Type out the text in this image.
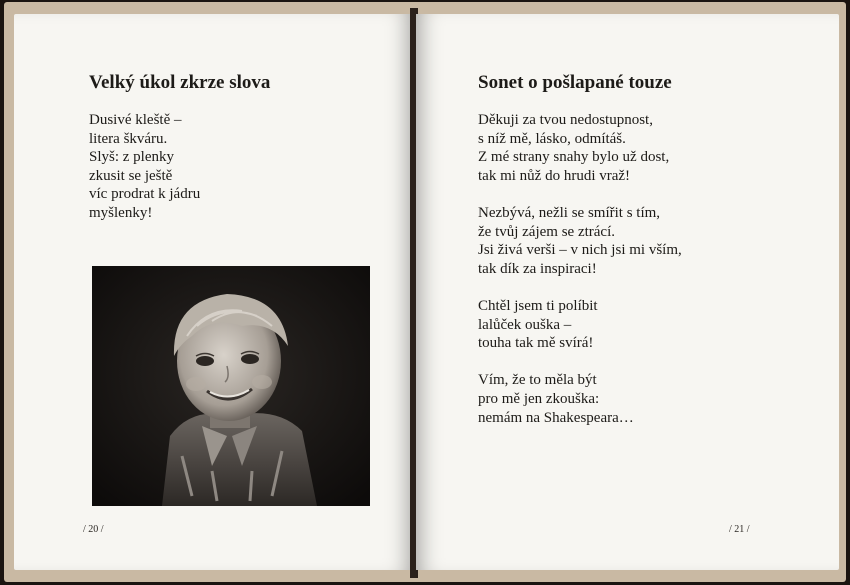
Velký úkol zkrze slova
Dusivé kleště –
litera škváru.
Slyš: z plenky
zkusit se ještě
víc prodrat k jádru
myšlenky!
/ 20 /
Sonet o pošlapané touze
Děkuji za tvou nedostupnost,
s níž mě, lásko, odmítáš.
Z mé strany snahy bylo už dost,
tak mi nůž do hrudi vraž!
Nezbývá, nežli se smířit s tím,
že tvůj zájem se ztrácí.
Jsi živá verši – v nich jsi mi vším,
tak dík za inspiraci!
Chtěl jsem ti políbit
lalůček ouška –
touha tak mě svírá!
Vím, že to měla být
pro mě jen zkouška:
nemám na Shakespeara…
/ 21 /
